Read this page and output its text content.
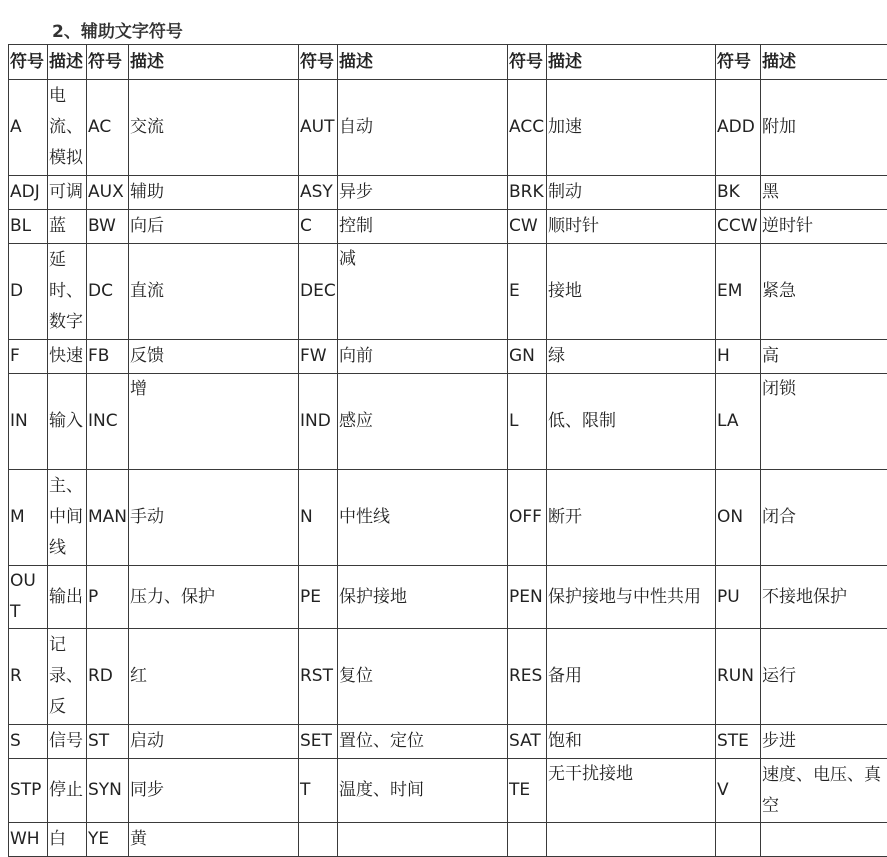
2、辅助文字符号
符号	描述	符号	描述	符号	描述	符号	描述	符号	描述
A	电流、模拟	AC	交流	AUT	自动	ACC	加速	ADD	附加
ADJ	可调	AUX	辅助	ASY	异步	BRK	制动	BK	黑
BL	蓝	BW	向后	C	控制	CW	顺时针	CCW	逆时针
D	延时、数字	DC	直流	DEC	减	E	接地	EM	紧急
F	快速	FB	反馈	FW	向前	GN	绿	H	高
IN	输入	INC	增	IND	感应	L	低、限制	LA	闭锁
M	主、中间线	MAN	手动	N	中性线	OFF	断开	ON	闭合
OUT	输出	P	压力、保护	PE	保护接地	PEN	保护接地与中性共用	PU	不接地保护
R	记录、反	RD	红	RST	复位	RES	备用	RUN	运行
S	信号	ST	启动	SET	置位、定位	SAT	饱和	STE	步进
STP	停止	SYN	同步	T	温度、时间	TE	无干扰接地	V	速度、电压、真空
WH	白	YE	黄						
